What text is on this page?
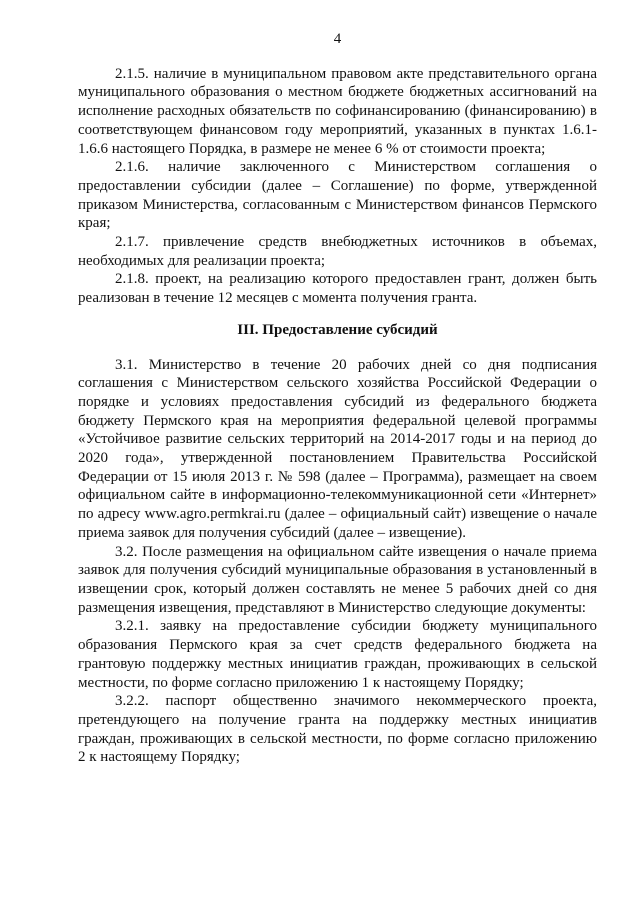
4

2.1.5. наличие в муниципальном правовом акте представительного органа муниципального образования о местном бюджете бюджетных ассигнований на исполнение расходных обязательств по софинансированию (финансированию) в соответствующем финансовом году мероприятий, указанных в пунктах 1.6.1-1.6.6 настоящего Порядка, в размере не менее 6 % от стоимости проекта;

2.1.6. наличие заключенного с Министерством соглашения о предоставлении субсидии (далее – Соглашение) по форме, утвержденной приказом Министерства, согласованным с Министерством финансов Пермского края;

2.1.7. привлечение средств внебюджетных источников в объемах, необходимых для реализации проекта;

2.1.8. проект, на реализацию которого предоставлен грант, должен быть реализован в течение 12 месяцев с момента получения гранта.

III. Предоставление субсидий

3.1. Министерство в течение 20 рабочих дней со дня подписания соглашения с Министерством сельского хозяйства Российской Федерации о порядке и условиях предоставления субсидий из федерального бюджета бюджету Пермского края на мероприятия федеральной целевой программы «Устойчивое развитие сельских территорий на 2014-2017 годы и на период до 2020 года», утвержденной постановлением Правительства Российской Федерации от 15 июля 2013 г. № 598 (далее – Программа), размещает на своем официальном сайте в информационно-телекоммуникационной сети «Интернет» по адресу www.agro.permkrai.ru (далее – официальный сайт) извещение о начале приема заявок для получения субсидий (далее – извещение).

3.2. После размещения на официальном сайте извещения о начале приема заявок для получения субсидий муниципальные образования в установленный в извещении срок, который должен составлять не менее 5 рабочих дней со дня размещения извещения, представляют в Министерство следующие документы:

3.2.1. заявку на предоставление субсидии бюджету муниципального образования Пермского края за счет средств федерального бюджета на грантовую поддержку местных инициатив граждан, проживающих в сельской местности, по форме согласно приложению 1 к настоящему Порядку;

3.2.2. паспорт общественно значимого некоммерческого проекта, претендующего на получение гранта на поддержку местных инициатив граждан, проживающих в сельской местности, по форме согласно приложению 2 к настоящему Порядку;
